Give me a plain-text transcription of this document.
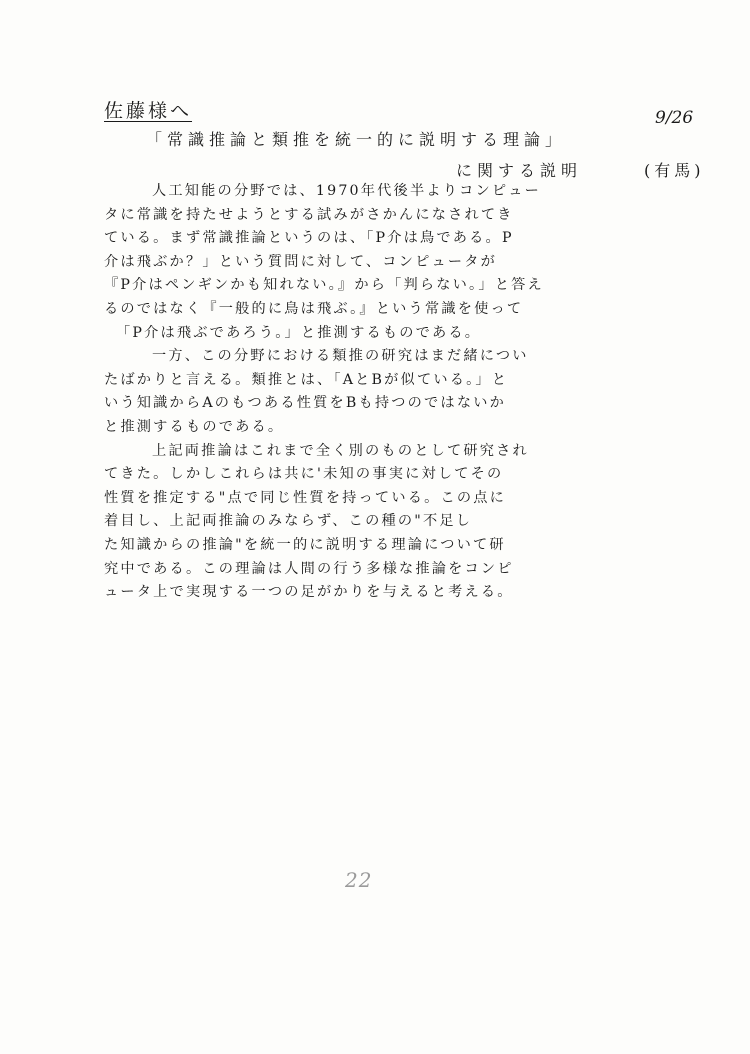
佐藤様へ	9/26
「常識推論と類推を統一的に説明する理論」
に関する説明	(有馬)
人工知能の分野では、1970年代後半よりコンピュー
タに常識を持たせようとする試みがさかんになされてき
ている。まず常識推論というのは、「P介は鳥である。P
介は飛ぶか？」という質問に対して、コンピュータが
『P介はペンギンかも知れない。』から「判らない。」と答え
るのではなく『一般的に鳥は飛ぶ。』という常識を使って
「P介は飛ぶであろう。」と推測するものである。
一方、この分野における類推の研究はまだ緒につい
たばかりと言える。類推とは、「AとBが似ている。」と
いう知識からAのもつある性質をBも持つのではないか
と推測するものである。
上記両推論はこれまで全く別のものとして研究され
てきた。しかしこれらは共に'未知の事実に対してその
性質を推定する"点で同じ性質を持っている。この点に
着目し、上記両推論のみならず、この種の"不足し
た知識からの推論"を統一的に説明する理論について研
究中である。この理論は人間の行う多様な推論をコンピ
ュータ上で実現する一つの足がかりを与えると考える。
22
